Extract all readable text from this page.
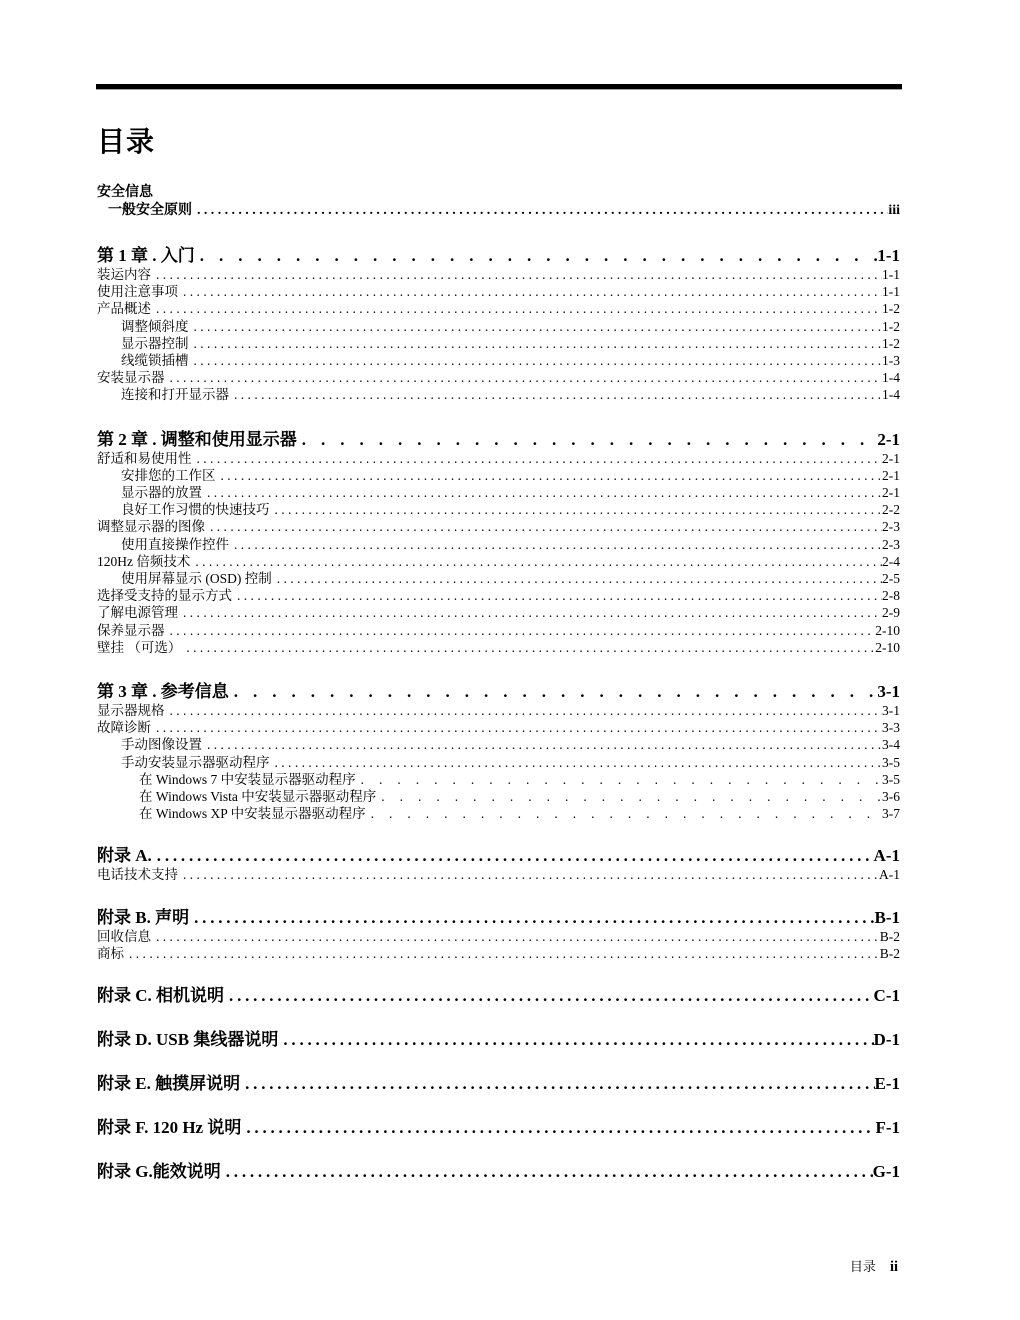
目录
安全信息
一般安全原则 .....	iii
第 1 章 . 入门 .....	1-1
装运内容 .....	1-1
使用注意事项 .....	1-1
产品概述 .....	1-2
调整倾斜度 .....	1-2
显示器控制 .....	1-2
线缆锁插槽 .....	1-3
安装显示器 .....	1-4
连接和打开显示器 .....	1-4
第 2 章 . 调整和使用显示器 .....	2-1
舒适和易使用性 .....	2-1
安排您的工作区 .....	2-1
显示器的放置 .....	2-1
良好工作习惯的快速技巧 .....	2-2
调整显示器的图像 .....	2-3
使用直接操作控件 .....	2-3
120Hz 倍频技术 .....	2-4
使用屏幕显示 (OSD) 控制 .....	2-5
选择受支持的显示方式 .....	2-8
了解电源管理 .....	2-9
保养显示器 .....	2-10
壁挂 （可选） .....	2-10
第 3 章 . 参考信息 .....	3-1
显示器规格 .....	3-1
故障诊断 .....	3-3
手动图像设置 .....	3-4
手动安装显示器驱动程序 .....	3-5
在 Windows 7 中安装显示器驱动程序 .....	3-5
在 Windows Vista 中安装显示器驱动程序 .....	3-6
在 Windows XP 中安装显示器驱动程序 .....	3-7
附录 A. .....	A-1
电话技术支持 .....	A-1
附录 B. 声明 .....	B-1
回收信息 .....	B-2
商标 .....	B-2
附录 C. 相机说明 .....	C-1
附录 D. USB 集线器说明 .....	D-1
附录 E. 触摸屏说明 .....	E-1
附录 F. 120 Hz 说明 .....	F-1
附录 G.能效说明 .....	G-1
目录 ii
